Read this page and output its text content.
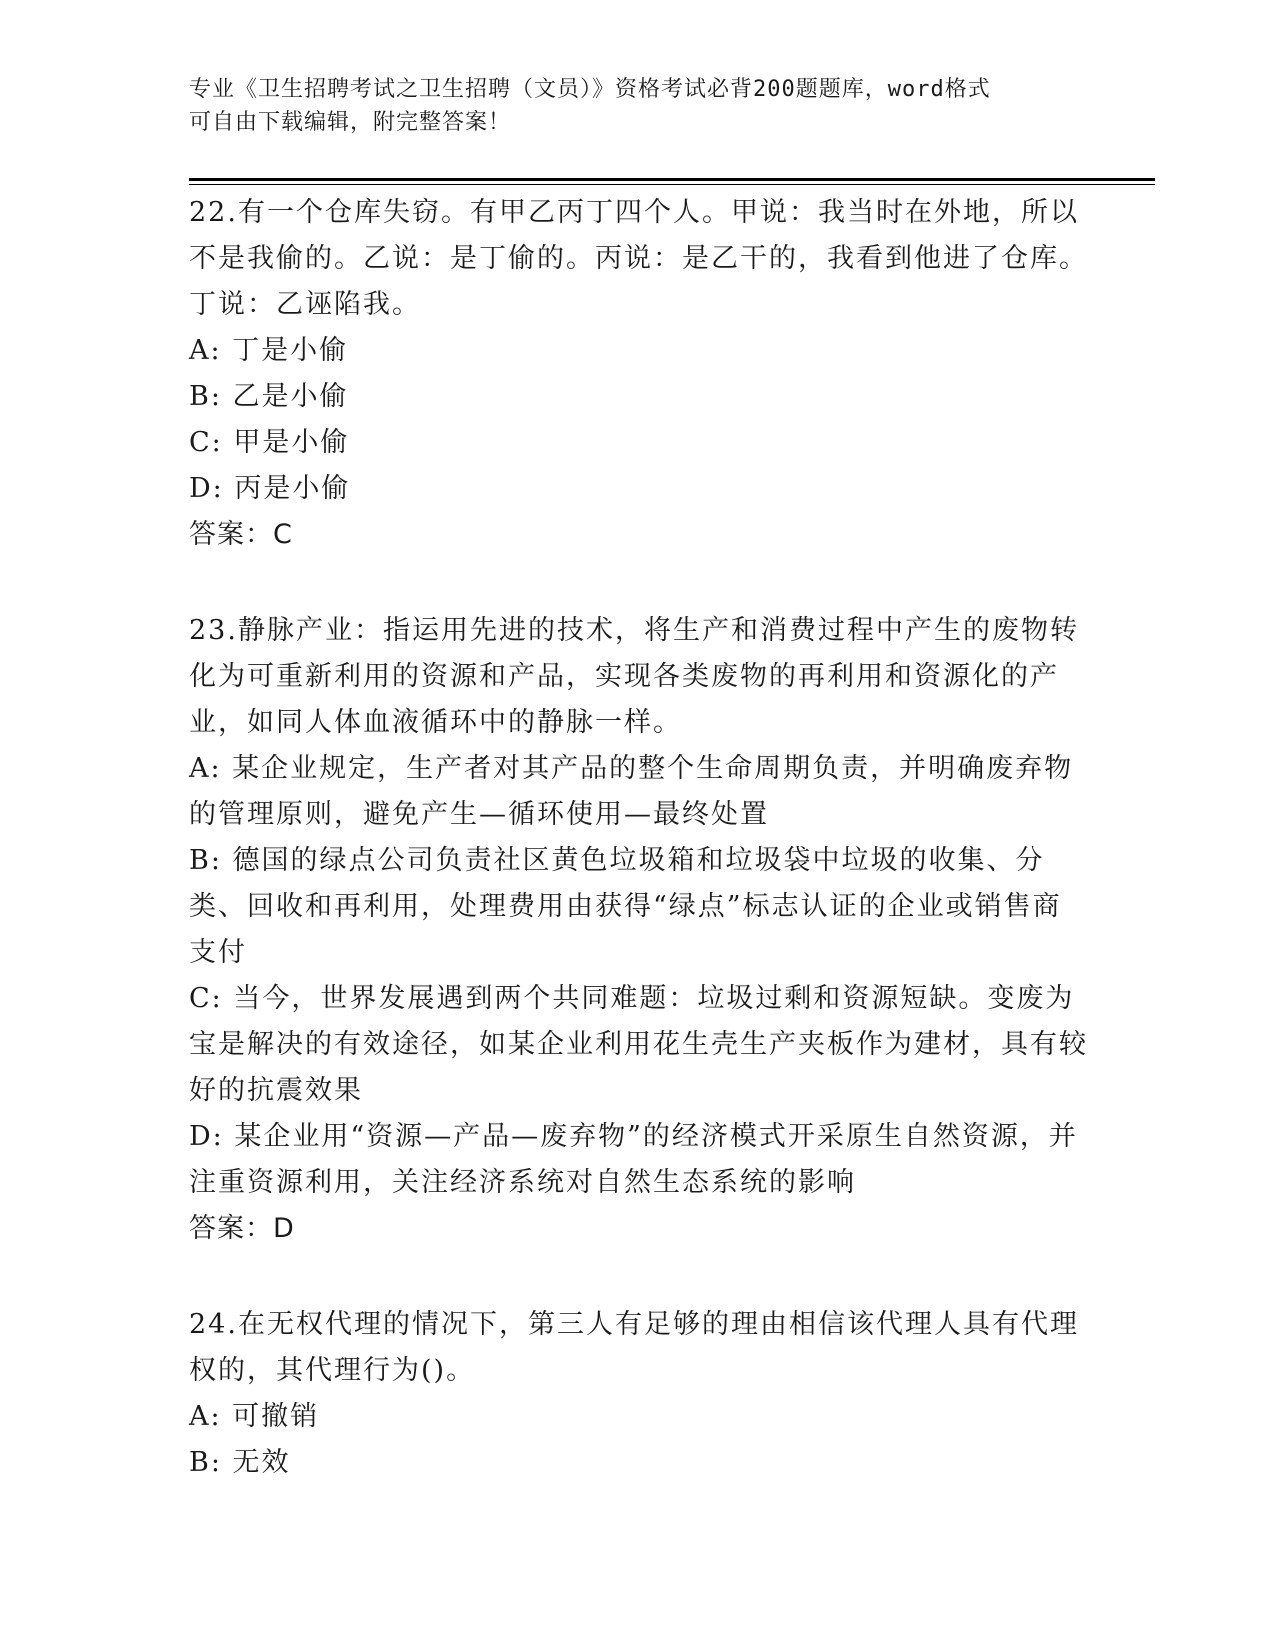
专业《卫生招聘考试之卫生招聘（文员）》资格考试必背200题题库，word格式
可自由下载编辑，附完整答案！

22.有一个仓库失窃。有甲乙丙丁四个人。甲说：我当时在外地，所以不是我偷的。乙说：是丁偷的。丙说：是乙干的，我看到他进了仓库。丁说：乙诬陷我。

A: 丁是小偷

B: 乙是小偷

C: 甲是小偷

D: 丙是小偷

答案：C

23.静脉产业：指运用先进的技术，将生产和消费过程中产生的废物转化为可重新利用的资源和产品，实现各类废物的再利用和资源化的产业，如同人体血液循环中的静脉一样。

A: 某企业规定，生产者对其产品的整个生命周期负责，并明确废弃物的管理原则，避免产生—循环使用—最终处置

B: 德国的绿点公司负责社区黄色垃圾箱和垃圾袋中垃圾的收集、分类、回收和再利用，处理费用由获得“绿点”标志认证的企业或销售商支付

C: 当今，世界发展遇到两个共同难题：垃圾过剩和资源短缺。变废为宝是解决的有效途径，如某企业利用花生壳生产夹板作为建材，具有较好的抗震效果

D: 某企业用“资源—产品—废弃物”的经济模式开采原生自然资源，并注重资源利用，关注经济系统对自然生态系统的影响

答案：D

24.在无权代理的情况下，第三人有足够的理由相信该代理人具有代理权的，其代理行为()。

A: 可撤销

B: 无效
